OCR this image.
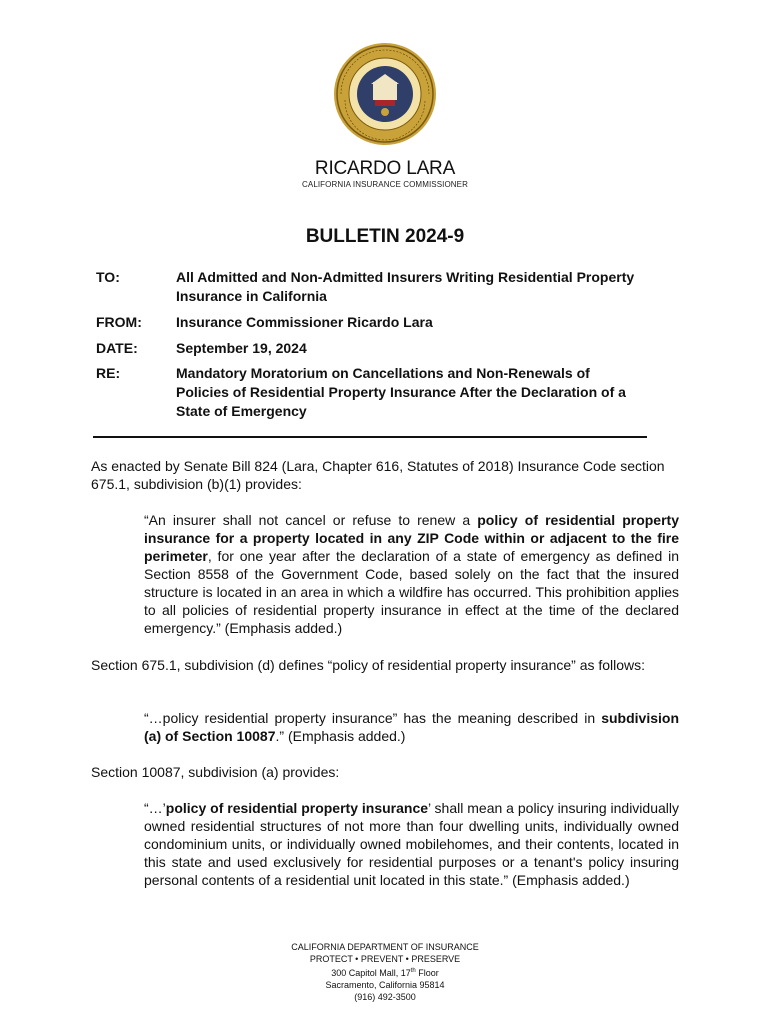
RICARDO LARA
CALIFORNIA INSURANCE COMMISSIONER
BULLETIN 2024-9
TO:	All Admitted and Non-Admitted Insurers Writing Residential Property Insurance in California
FROM: Insurance Commissioner Ricardo Lara
DATE:	September 19, 2024
RE:	Mandatory Moratorium on Cancellations and Non-Renewals of Policies of Residential Property Insurance After the Declaration of a State of Emergency
As enacted by Senate Bill 824 (Lara, Chapter 616, Statutes of 2018) Insurance Code section 675.1, subdivision (b)(1) provides:
“An insurer shall not cancel or refuse to renew a policy of residential property insurance for a property located in any ZIP Code within or adjacent to the fire perimeter, for one year after the declaration of a state of emergency as defined in Section 8558 of the Government Code, based solely on the fact that the insured structure is located in an area in which a wildfire has occurred. This prohibition applies to all policies of residential property insurance in effect at the time of the declared emergency.” (Emphasis added.)
Section 675.1, subdivision (d) defines “policy of residential property insurance” as follows:
“…policy residential property insurance” has the meaning described in subdivision (a) of Section 10087.” (Emphasis added.)
Section 10087, subdivision (a) provides:
“…’policy of residential property insurance’ shall mean a policy insuring individually owned residential structures of not more than four dwelling units, individually owned condominium units, or individually owned mobilehomes, and their contents, located in this state and used exclusively for residential purposes or a tenant's policy insuring personal contents of a residential unit located in this state.” (Emphasis added.)
CALIFORNIA DEPARTMENT OF INSURANCE
PROTECT • PREVENT • PRESERVE
300 Capitol Mall, 17th Floor
Sacramento, California 95814
(916) 492-3500
